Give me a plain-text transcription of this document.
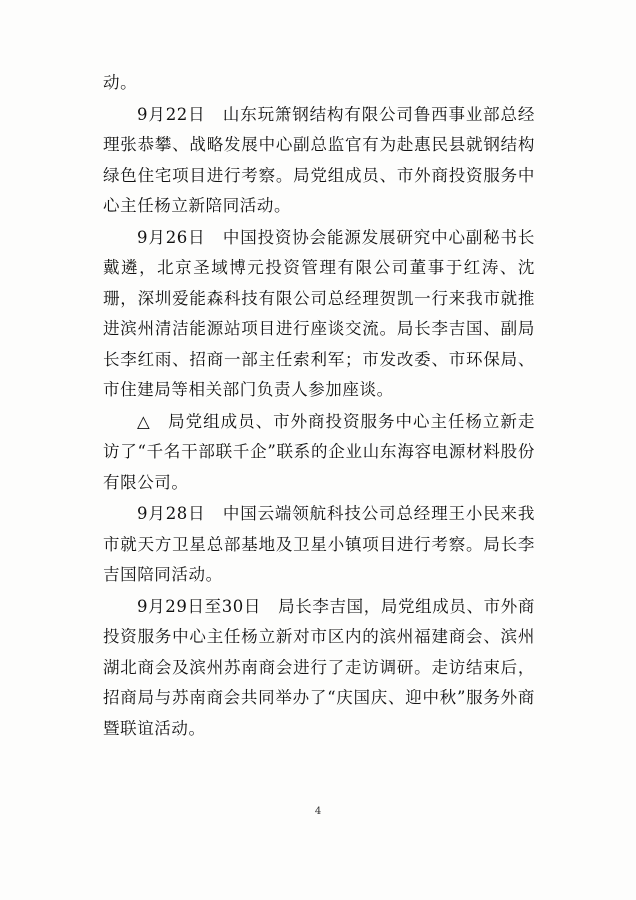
动。

9月22日　山东玩箫钢结构有限公司鲁西事业部总经理张恭攀、战略发展中心副总监官有为赴惠民县就钢结构绿色住宅项目进行考察。局党组成员、市外商投资服务中心主任杨立新陪同活动。

9月26日　中国投资协会能源发展研究中心副秘书长戴遴，北京圣域博元投资管理有限公司董事于红涛、沈珊，深圳爱能森科技有限公司总经理贺凯一行来我市就推进滨州清洁能源站项目进行座谈交流。局长李吉国、副局长李红雨、招商一部主任索利军；市发改委、市环保局、市住建局等相关部门负责人参加座谈。

△　局党组成员、市外商投资服务中心主任杨立新走访了“千名干部联千企”联系的企业山东海容电源材料股份有限公司。

9月28日　中国云端领航科技公司总经理王小民来我市就天方卫星总部基地及卫星小镇项目进行考察。局长李吉国陪同活动。

9月29日至30日　局长李吉国，局党组成员、市外商投资服务中心主任杨立新对市区内的滨州福建商会、滨州湖北商会及滨州苏南商会进行了走访调研。走访结束后，招商局与苏南商会共同举办了“庆国庆、迎中秋”服务外商暨联谊活动。

4
